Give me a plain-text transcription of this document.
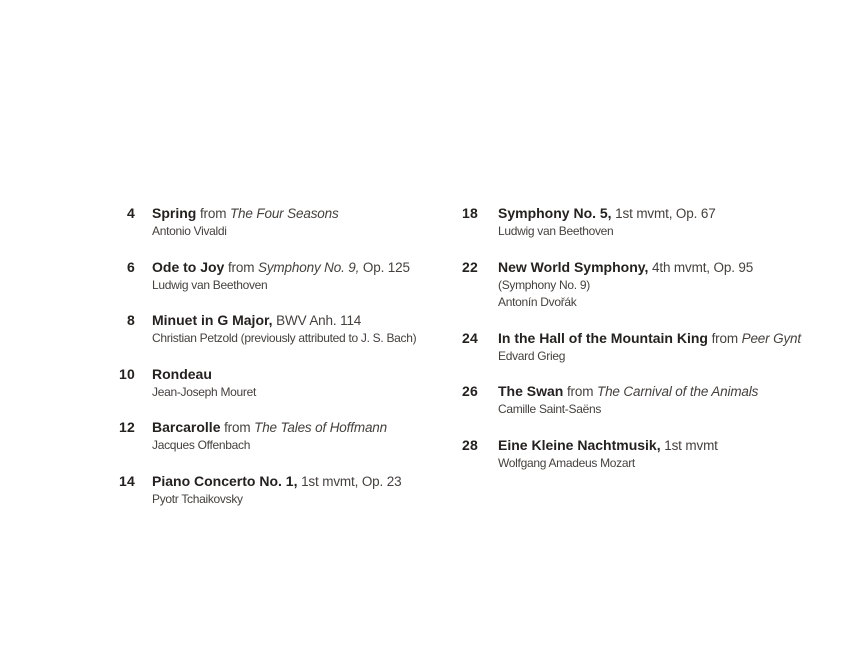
4 Spring from The Four Seasons
Antonio Vivaldi
6 Ode to Joy from Symphony No. 9, Op. 125
Ludwig van Beethoven
8 Minuet in G Major, BWV Anh. 114
Christian Petzold (previously attributed to J. S. Bach)
10 Rondeau
Jean-Joseph Mouret
12 Barcarolle from The Tales of Hoffmann
Jacques Offenbach
14 Piano Concerto No. 1, 1st mvmt, Op. 23
Pyotr Tchaikovsky
18 Symphony No. 5, 1st mvmt, Op. 67
Ludwig van Beethoven
22 New World Symphony, 4th mvmt, Op. 95
(Symphony No. 9)
Antonín Dvořák
24 In the Hall of the Mountain King from Peer Gynt
Edvard Grieg
26 The Swan from The Carnival of the Animals
Camille Saint-Saëns
28 Eine Kleine Nachtmusik, 1st mvmt
Wolfgang Amadeus Mozart
